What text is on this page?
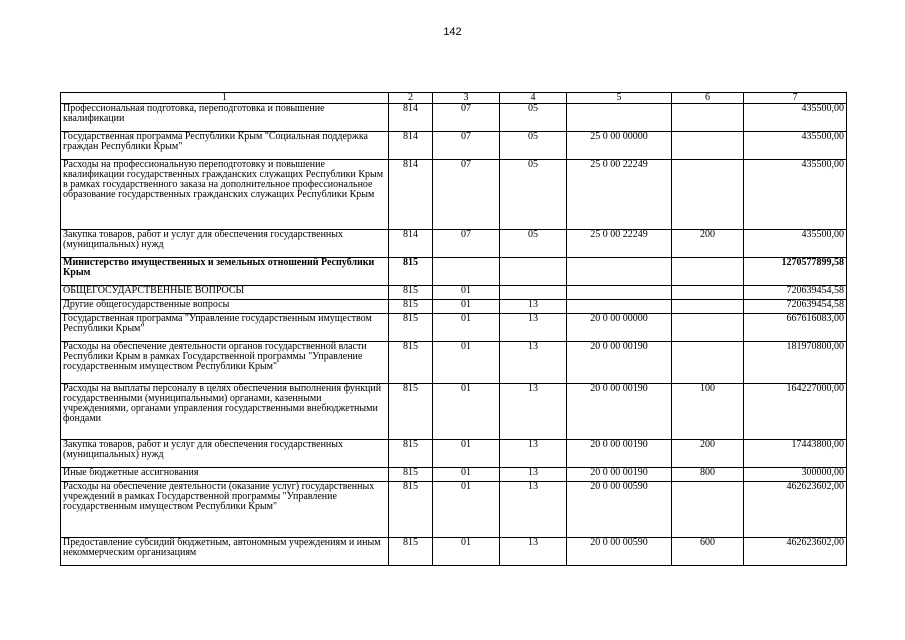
142
1	2	3	4	5	6	7
Профессиональная подготовка, переподготовка и повышение квалификации	814	07	05			435500,00
Государственная программа Республики Крым "Социальная поддержка граждан Республики Крым"	814	07	05	25 0 00 00000		435500,00
Расходы на профессиональную переподготовку и повышение квалификации государственных гражданских служащих Республики Крым в рамках государственного заказа на дополнительное профессиональное образование государственных гражданских служащих Республики Крым	814	07	05	25 0 00 22249		435500,00
Закупка товаров, работ и услуг для обеспечения государственных (муниципальных) нужд	814	07	05	25 0 00 22249	200	435500,00
Министерство имущественных и земельных отношений Республики Крым	815					1270577899,58
ОБЩЕГОСУДАРСТВЕННЫЕ ВОПРОСЫ	815	01				720639454,58
Другие общегосударственные вопросы	815	01	13			720639454,58
Государственная программа "Управление государственным имуществом Республики Крым"	815	01	13	20 0 00 00000		667616083,00
Расходы на обеспечение деятельности органов государственной власти Республики Крым в рамках Государственной программы "Управление государственным имуществом Республики Крым"	815	01	13	20 0 00 00190		181970800,00
Расходы на выплаты персоналу в целях обеспечения выполнения функций государственными (муниципальными) органами, казенными учреждениями, органами управления государственными внебюджетными фондами	815	01	13	20 0 00 00190	100	164227000,00
Закупка товаров, работ и услуг для обеспечения государственных (муниципальных) нужд	815	01	13	20 0 00 00190	200	17443800,00
Иные бюджетные ассигнования	815	01	13	20 0 00 00190	800	300000,00
Расходы на обеспечение деятельности (оказание услуг) государственных учреждений в рамках Государственной программы "Управление государственным имуществом Республики Крым"	815	01	13	20 0 00 00590		462623602,00
Предоставление субсидий бюджетным, автономным учреждениям и иным некоммерческим организациям	815	01	13	20 0 00 00590	600	462623602,00
